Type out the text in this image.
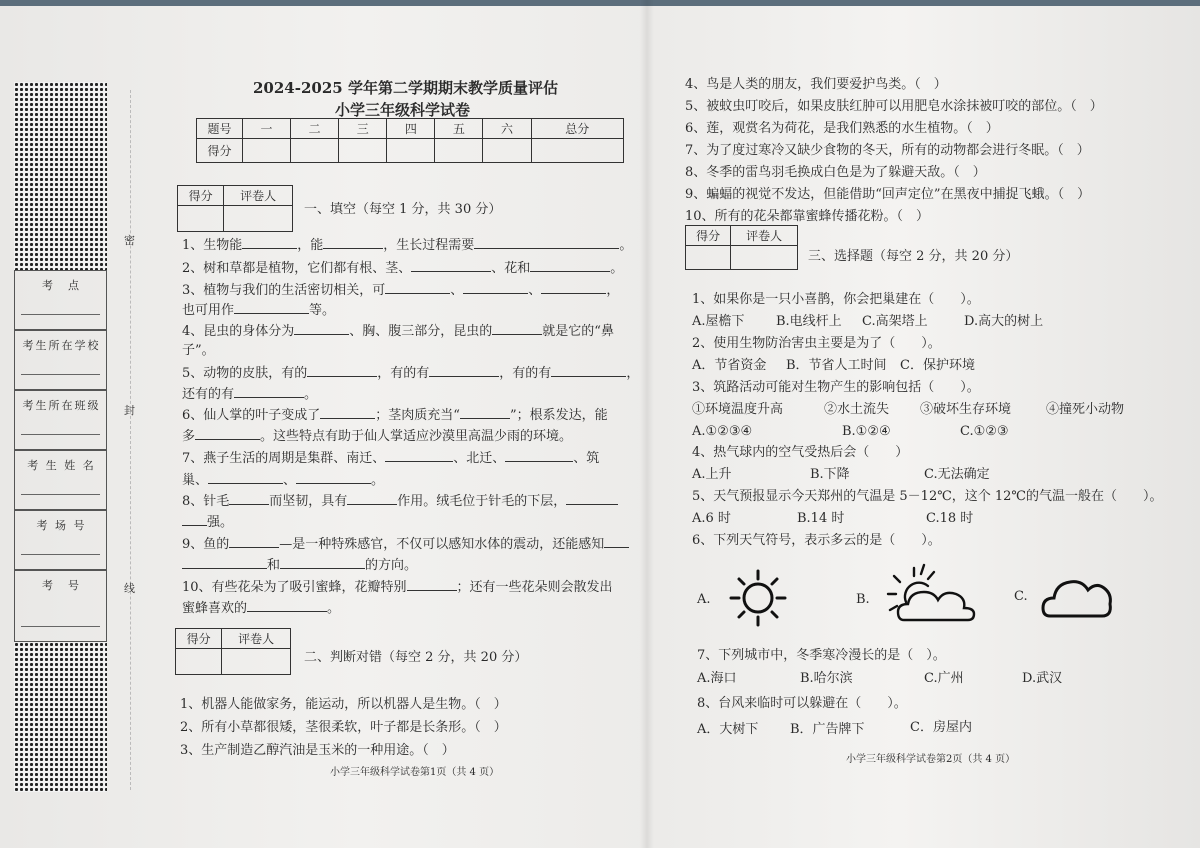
考　点
考生所在学校
考生所在班级
考 生 姓 名
考 场 号
考　号
密
封
线
2024-2025 学年第二学期期末教学质量评估
小学三年级科学试卷
题号	一	二	三	四	五	六	总分
得分							
得分	评卷人

一、填空（每空 1 分，共 30 分）
1、生物能	，能	，生长过程需要	。
2、树和草都是植物，它们都有根、茎、	、花和	。
3、植物与我们的生活密切相关，可	、	、	，
也可用作	等。
4、昆虫的身体分为	、胸、腹三部分，昆虫的	就是它的“鼻
子”。
5、动物的皮肤，有的	，有的有	，有的有	，
还有的有	。
6、仙人掌的叶子变成了	；茎肉质充当“	”；根系发达，能
多	。这些特点有助于仙人掌适应沙漠里高温少雨的环境。
7、燕子生活的周期是集群、南迁、	、北迁、	、筑
巢、	、	。
8、针毛	而坚韧，具有	作用。绒毛位于针毛的下层，
强。
9、鱼的	—是一种特殊感官，不仅可以感知水体的震动，还能感知
和	的方向。
10、有些花朵为了吸引蜜蜂，花瓣特别	；还有一些花朵则会散发出
蜜蜂喜欢的	。
得分	评卷人

二、判断对错（每空 2 分，共 20 分）
1、机器人能做家务，能运动，所以机器人是生物。（　）
2、所有小草都很矮，茎很柔软，叶子都是长条形。（　）
3、生产制造乙醇汽油是玉米的一种用途。（　）
小学三年级科学试卷第1页（共 4 页）
4、鸟是人类的朋友，我们要爱护鸟类。（　）
5、被蚊虫叮咬后，如果皮肤红肿可以用肥皂水涂抹被叮咬的部位。（　）
6、莲，观赏名为荷花，是我们熟悉的水生植物。（　）
7、为了度过寒冷又缺少食物的冬天，所有的动物都会进行冬眠。（　）
8、冬季的雷鸟羽毛换成白色是为了躲避天敌。（　）
9、蝙蝠的视觉不发达，但能借助“回声定位”在黑夜中捕捉飞蛾。（　）
10、所有的花朵都靠蜜蜂传播花粉。（　）
得分	评卷人

三、选择题（每空 2 分，共 20 分）
1、如果你是一只小喜鹊，你会把巢建在（　　）。
A.屋檐下 B.电线杆上 C.高架塔上	D.高大的树上
2、使用生物防治害虫主要是为了（　　）。
A．节省资金 B．节省人工时间 C．保护环境
3、筑路活动可能对生物产生的影响包括（　　）。
①环境温度升高	②水土流失 ③破坏生存环境	④撞死小动物
A.①②③④	B.①②④	C.①②③
4、热气球内的空气受热后会（　　）
A.上升	B.下降	C.无法确定
5、天气预报显示今天郑州的气温是 5－12℃，这个 12℃的气温一般在（　　）。
A.6 时	B.14 时	C.18 时
6、下列天气符号，表示多云的是（　　）。
A.	B.	C.
7、下列城市中，冬季寒冷漫长的是（　）。
A.海口	B.哈尔滨	C.广州	D.武汉
8、台风来临时可以躲避在（　　）。
A．大树下 B．广告牌下	C．房屋内
小学三年级科学试卷第2页（共 4 页）
